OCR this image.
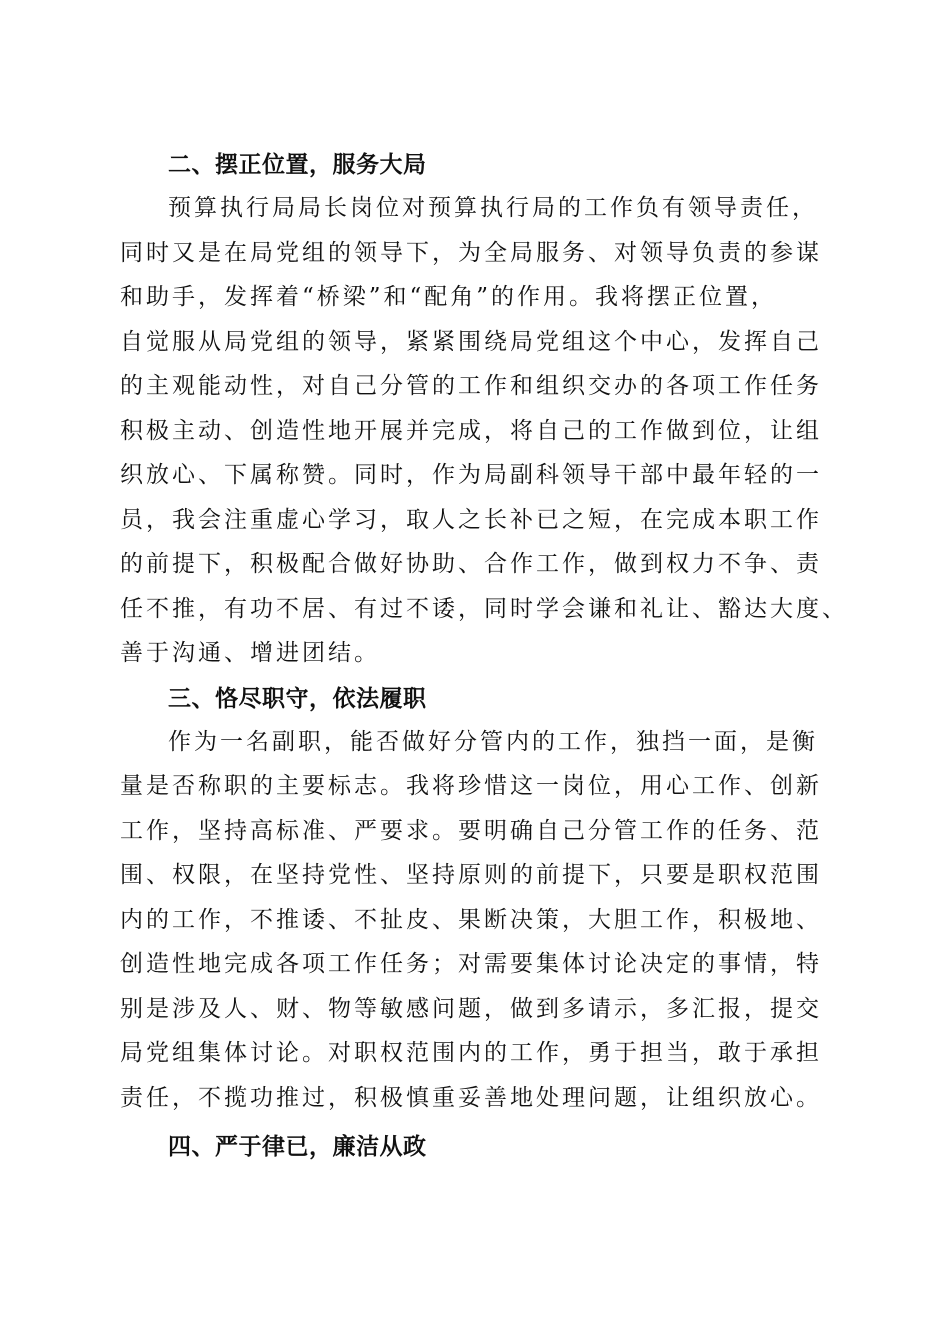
二、摆正位置，服务大局
预算执行局局长岗位对预算执行局的工作负有领导责任，
同时又是在局党组的领导下，为全局服务、对领导负责的参谋
和助手，发挥着“桥梁”和“配角”的作用。我将摆正位置，
自觉服从局党组的领导，紧紧围绕局党组这个中心，发挥自己
的主观能动性，对自己分管的工作和组织交办的各项工作任务
积极主动、创造性地开展并完成，将自己的工作做到位，让组
织放心、下属称赞。同时，作为局副科领导干部中最年轻的一
员，我会注重虚心学习，取人之长补已之短，在完成本职工作
的前提下，积极配合做好协助、合作工作，做到权力不争、责
任不推，有功不居、有过不诿，同时学会谦和礼让、豁达大度、
善于沟通、增进团结。
三、恪尽职守，依法履职
作为一名副职，能否做好分管内的工作，独挡一面，是衡
量是否称职的主要标志。我将珍惜这一岗位，用心工作、创新
工作，坚持高标准、严要求。要明确自己分管工作的任务、范
围、权限，在坚持党性、坚持原则的前提下，只要是职权范围
内的工作，不推诿、不扯皮、果断决策，大胆工作，积极地、
创造性地完成各项工作任务；对需要集体讨论决定的事情，特
别是涉及人、财、物等敏感问题，做到多请示，多汇报，提交
局党组集体讨论。对职权范围内的工作，勇于担当，敢于承担
责任，不揽功推过，积极慎重妥善地处理问题，让组织放心。
四、严于律已，廉洁从政
